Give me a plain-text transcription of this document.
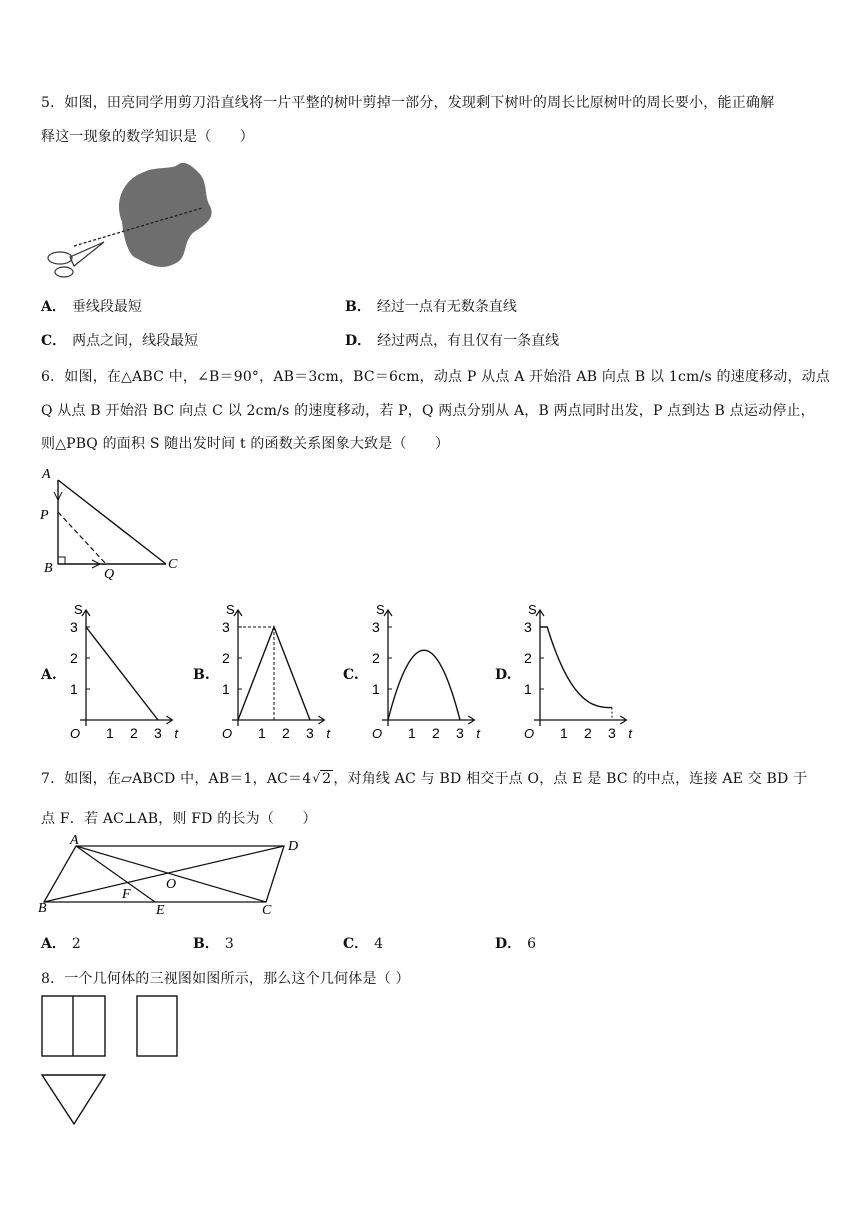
5．如图，田亮同学用剪刀沿直线将一片平整的树叶剪掉一部分，发现剩下树叶的周长比原树叶的周长要小，能正确解
释这一现象的数学知识是（　　）
A． 垂线段最短	B． 经过一点有无数条直线
C． 两点之间，线段最短	D． 经过两点，有且仅有一条直线
6．如图，在△ABC 中，∠B＝90°，AB＝3cm，BC＝6cm，动点 P 从点 A 开始沿 AB 向点 B 以 1cm/s 的速度移动，动点
Q 从点 B 开始沿 BC 向点 C 以 2cm/s 的速度移动，若 P，Q 两点分别从 A，B 两点同时出发，P 点到达 B 点运动停止，
则△PBQ 的面积 S 随出发时间 t 的函数关系图象大致是（　　）
A
P
B	Q
C
A.	B.	C.	D.
S
t
O
1
2
3
1 2 3
S
t
O
1
2
3
1 2 3
S
t
O
1
2
3
1 2 3
S
t
O
1
2
3
1 2 3
7．如图，在▱ABCD 中，AB＝1，AC＝4√ 2 ，对角线 AC 与 BD 相交于点 O，点 E 是 BC 的中点，连接 AE 交 BD 于
点 F．若 AC⊥AB，则 FD 的长为（　　）
A	D
B	C
E
F
O
A． 2	B． 3	C． 4	D． 6
8．一个几何体的三视图如图所示，那么这个几何体是（ ）
